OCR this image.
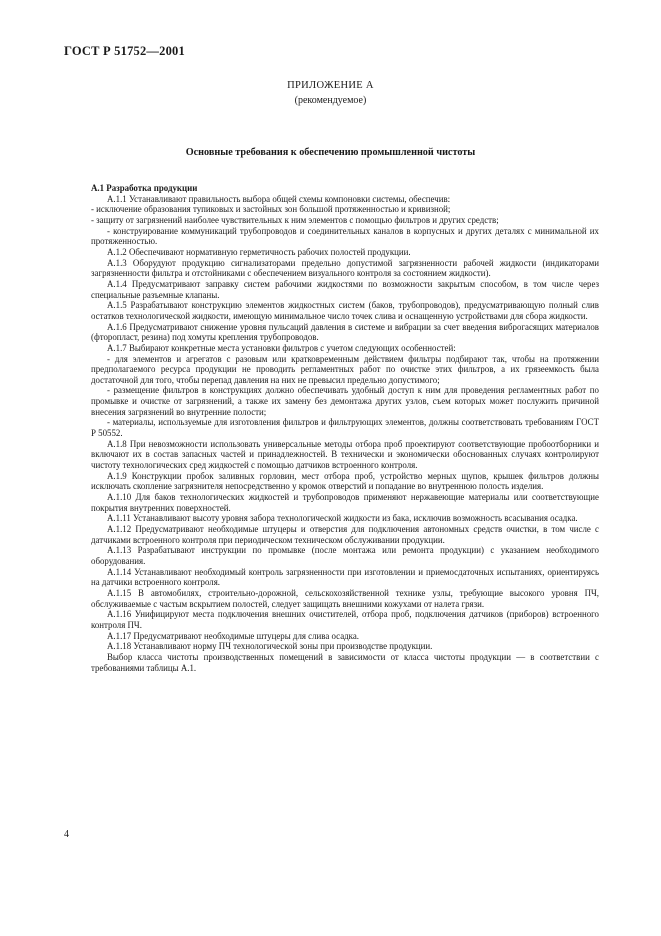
ГОСТ Р 51752—2001
ПРИЛОЖЕНИЕ А
(рекомендуемое)
Основные требования к обеспечению промышленной чистоты

А.1 Разработка продукции

А.1.1 Устанавливают правильность выбора общей схемы компоновки системы, обеспечив:

- исключение образования тупиковых и застойных зон большой протяженностью и кривизной;

- защиту от загрязнений наиболее чувствительных к ним элементов с помощью фильтров и других средств;

- конструирование коммуникаций трубопроводов и соединительных каналов в корпусных и других деталях с минимальной их протяженностью.

А.1.2 Обеспечивают нормативную герметичность рабочих полостей продукции.

А.1.3 Оборудуют продукцию сигнализаторами предельно допустимой загрязненности рабочей жидкости (индикаторами загрязненности фильтра и отстойниками с обеспечением визуального контроля за состоянием жидкости).

А.1.4 Предусматривают заправку систем рабочими жидкостями по возможности закрытым способом, в том числе через специальные разъемные клапаны.

А.1.5 Разрабатывают конструкцию элементов жидкостных систем (баков, трубопроводов), предусматривающую полный слив остатков технологической жидкости, имеющую минимальное число точек слива и оснащенную устройствами для сбора жидкости.

А.1.6 Предусматривают снижение уровня пульсаций давления в системе и вибрации за счет введения виброгасящих материалов (фторопласт, резина) под хомуты крепления трубопроводов.

А.1.7 Выбирают конкретные места установки фильтров с учетом следующих особенностей:

- для элементов и агрегатов с разовым или кратковременным действием фильтры подбирают так, чтобы на протяжении предполагаемого ресурса продукции не проводить регламентных работ по очистке этих фильтров, а их грязеемкость была достаточной для того, чтобы перепад давления на них не превысил предельно допустимого;

- размещение фильтров в конструкциях должно обеспечивать удобный доступ к ним для проведения регламентных работ по промывке и очистке от загрязнений, а также их замену без демонтажа других узлов, съем которых может послужить причиной внесения загрязнений во внутренние полости;

- материалы, используемые для изготовления фильтров и фильтрующих элементов, должны соответствовать требованиям ГОСТ Р 50552.

А.1.8 При невозможности использовать универсальные методы отбора проб проектируют соответствующие пробоотборники и включают их в состав запасных частей и принадлежностей. В технически и экономически обоснованных случаях контролируют чистоту технологических сред жидкостей с помощью датчиков встроенного контроля.

А.1.9 Конструкции пробок заливных горловин, мест отбора проб, устройство мерных щупов, крышек фильтров должны исключать скопление загрязнителя непосредственно у кромок отверстий и попадание во внутреннюю полость изделия.

А.1.10 Для баков технологических жидкостей и трубопроводов применяют нержавеющие материалы или соответствующие покрытия внутренних поверхностей.

А.1.11 Устанавливают высоту уровня забора технологической жидкости из бака, исключив возможность всасывания осадка.

А.1.12 Предусматривают необходимые штуцеры и отверстия для подключения автономных средств очистки, в том числе с датчиками встроенного контроля при периодическом техническом обслуживании продукции.

А.1.13 Разрабатывают инструкции по промывке (после монтажа или ремонта продукции) с указанием необходимого оборудования.

А.1.14 Устанавливают необходимый контроль загрязненности при изготовлении и приемосдаточных испытаниях, ориентируясь на датчики встроенного контроля.

А.1.15 В автомобилях, строительно-дорожной, сельскохозяйственной технике узлы, требующие высокого уровня ПЧ, обслуживаемые с частым вскрытием полостей, следует защищать внешними кожухами от налета грязи.

А.1.16 Унифицируют места подключения внешних очистителей, отбора проб, подключения датчиков (приборов) встроенного контроля ПЧ.

А.1.17 Предусматривают необходимые штуцеры для слива осадка.

А.1.18 Устанавливают норму ПЧ технологической зоны при производстве продукции.

Выбор класса чистоты производственных помещений в зависимости от класса чистоты продукции — в соответствии с требованиями таблицы А.1.

4
